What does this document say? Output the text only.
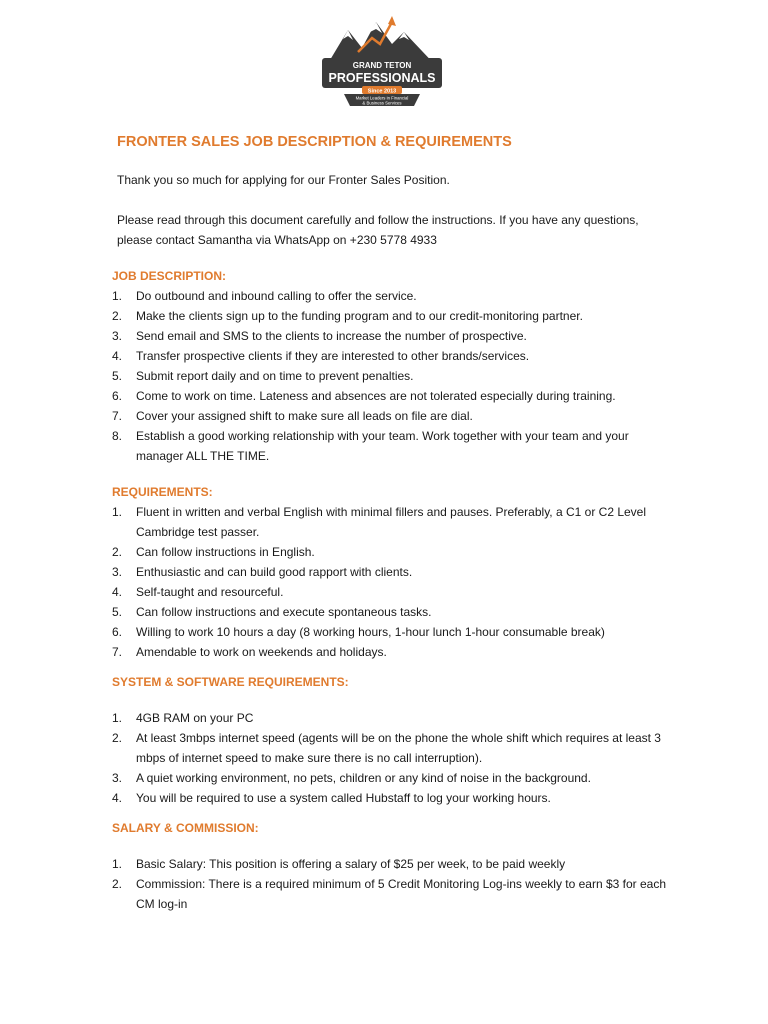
GRAND TETON
PROFESSIONALS
Since 2013
Market Leaders in Financial
& Business Services
FRONTER SALES JOB DESCRIPTION & REQUIREMENTS
Thank you so much for applying for our Fronter Sales Position.
Please read through this document carefully and follow the instructions. If you have any questions, please contact Samantha via WhatsApp on +230 5778 4933
JOB DESCRIPTION:
1. Do outbound and inbound calling to offer the service.
2. Make the clients sign up to the funding program and to our credit-monitoring partner.
3. Send email and SMS to the clients to increase the number of prospective.
4. Transfer prospective clients if they are interested to other brands/services.
5. Submit report daily and on time to prevent penalties.
6. Come to work on time. Lateness and absences are not tolerated especially during training.
7. Cover your assigned shift to make sure all leads on file are dial.
8. Establish a good working relationship with your team. Work together with your team and your manager ALL THE TIME.
REQUIREMENTS:
1. Fluent in written and verbal English with minimal fillers and pauses. Preferably, a C1 or C2 Level Cambridge test passer.
2. Can follow instructions in English.
3. Enthusiastic and can build good rapport with clients.
4. Self-taught and resourceful.
5. Can follow instructions and execute spontaneous tasks.
6. Willing to work 10 hours a day (8 working hours, 1-hour lunch 1-hour consumable break)
7. Amendable to work on weekends and holidays.
SYSTEM & SOFTWARE REQUIREMENTS:
1. 4GB RAM on your PC
2. At least 3mbps internet speed (agents will be on the phone the whole shift which requires at least 3 mbps of internet speed to make sure there is no call interruption).
3. A quiet working environment, no pets, children or any kind of noise in the background.
4. You will be required to use a system called Hubstaff to log your working hours.
SALARY & COMMISSION:
1. Basic Salary: This position is offering a salary of $25 per week, to be paid weekly
2. Commission: There is a required minimum of 5 Credit Monitoring Log-ins weekly to earn $3 for each CM log-in
